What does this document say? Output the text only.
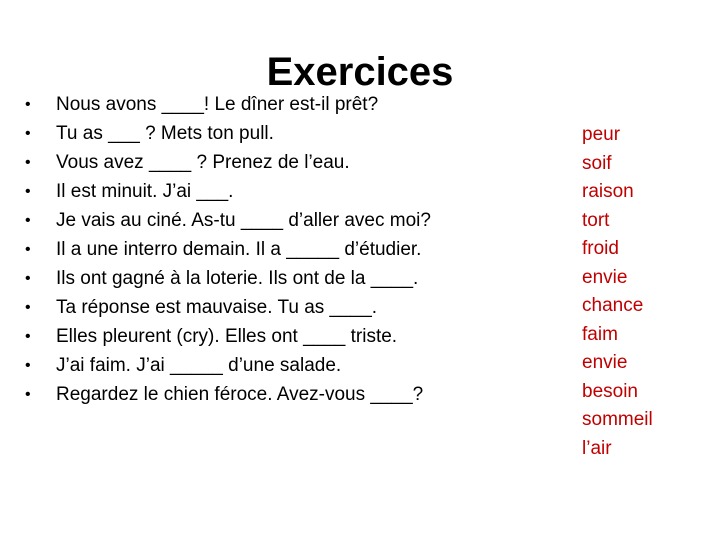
Exercices
• Nous avons ____! Le dîner est-il prêt?
• Tu as ___ ? Mets ton pull.
• Vous avez ____ ? Prenez de l’eau.
• Il est minuit. J’ai ___.
• Je vais au ciné. As-tu ____ d’aller avec moi?
• Il a une interro demain. Il a _____ d’étudier.
• Ils ont gagné à la loterie. Ils ont de la ____.
• Ta réponse est mauvaise. Tu as ____.
• Elles pleurent (cry). Elles ont ____ triste.
• J’ai faim. J’ai _____ d’une salade.
• Regardez le chien féroce. Avez-vous ____?
peur
soif
raison
tort
froid
envie
chance
faim
envie
besoin
sommeil
l’air
